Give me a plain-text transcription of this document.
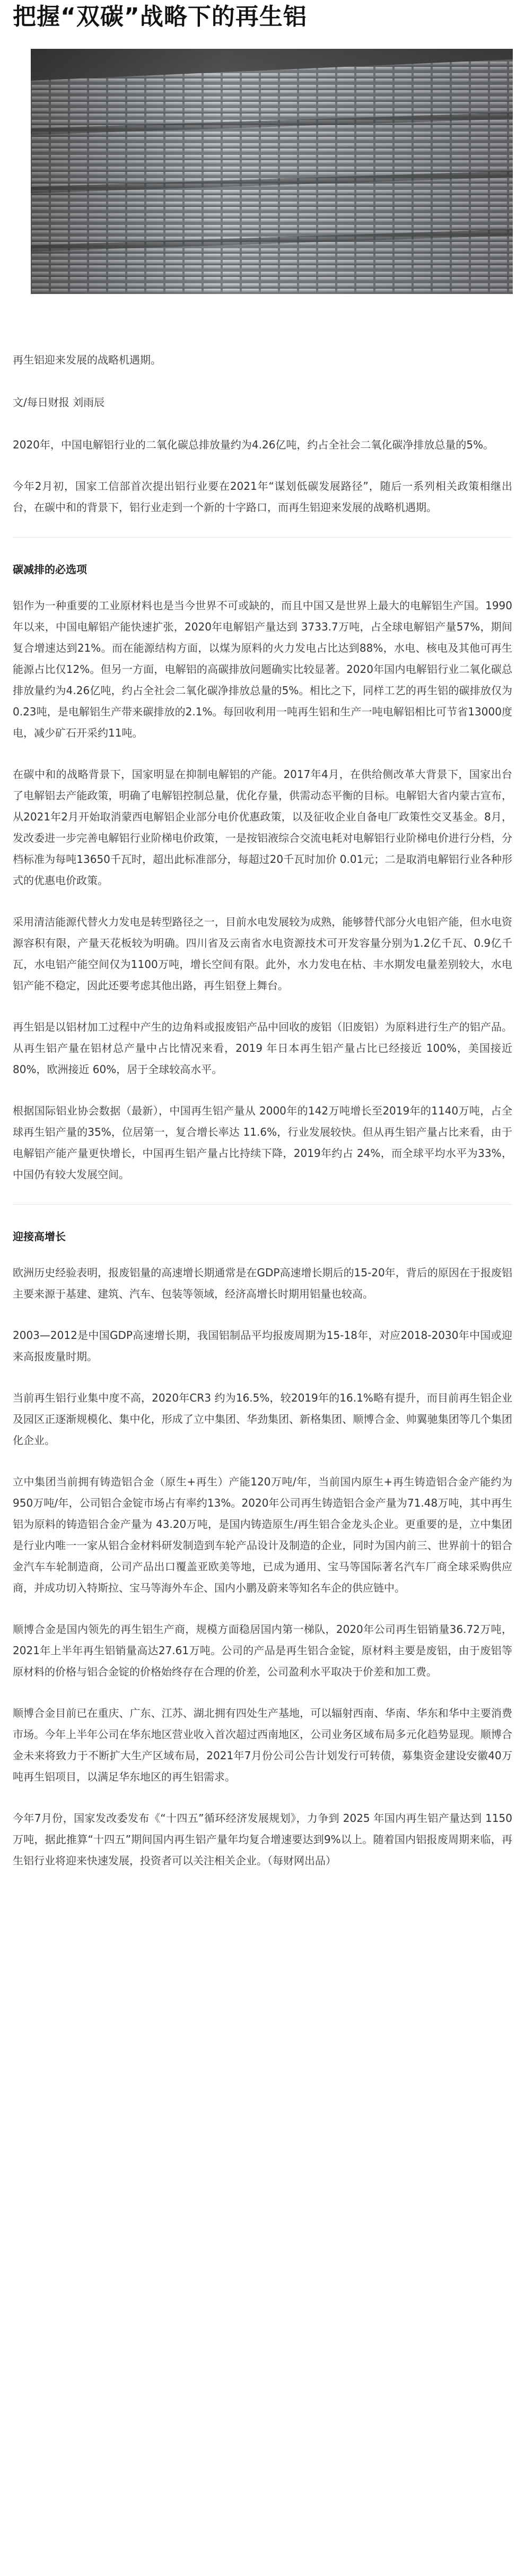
把握“双碳”战略下的再生铝

再生铝迎来发展的战略机遇期。

文/每日财报 刘雨辰

2020年，中国电解铝行业的二氧化碳总排放量约为4.26亿吨，约占全社会二氧化碳净排放总量的5%。

今年2月初，国家工信部首次提出铝行业要在2021年“谋划低碳发展路径”，随后一系列相关政策相继出台，在碳中和的背景下，铝行业走到一个新的十字路口，而再生铝迎来发展的战略机遇期。

碳减排的必选项

铝作为一种重要的工业原材料也是当今世界不可或缺的，而且中国又是世界上最大的电解铝生产国。1990年以来，中国电解铝产能快速扩张，2020年电解铝产量达到 3733.7万吨，占全球电解铝产量57%，期间复合增速达到21%。而在能源结构方面，以煤为原料的火力发电占比达到88%，水电、核电及其他可再生能源占比仅12%。但另一方面，电解铝的高碳排放问题确实比较显著。2020年国内电解铝行业二氧化碳总排放量约为4.26亿吨，约占全社会二氧化碳净排放总量的5%。相比之下，同样工艺的再生铝的碳排放仅为0.23吨，是电解铝生产带来碳排放的2.1%。每回收利用一吨再生铝和生产一吨电解铝相比可节省13000度电，减少矿石开采约11吨。

在碳中和的战略背景下，国家明显在抑制电解铝的产能。2017年4月，在供给侧改革大背景下，国家出台了电解铝去产能政策，明确了电解铝控制总量，优化存量，供需动态平衡的目标。电解铝大省内蒙古宣布，从2021年2月开始取消蒙西电解铝企业部分电价优惠政策，以及征收企业自备电厂政策性交叉基金。8月，发改委进一步完善电解铝行业阶梯电价政策，一是按铝液综合交流电耗对电解铝行业阶梯电价进行分档，分档标准为每吨13650千瓦时，超出此标准部分，每超过20千瓦时加价 0.01元；二是取消电解铝行业各种形式的优惠电价政策。

采用清洁能源代替火力发电是转型路径之一，目前水电发展较为成熟，能够替代部分火电铝产能，但水电资源容积有限，产量天花板较为明确。四川省及云南省水电资源技术可开发容量分别为1.2亿千瓦、0.9亿千瓦，水电铝产能空间仅为1100万吨，增长空间有限。此外，水力发电在枯、丰水期发电量差别较大，水电铝产能不稳定，因此还要考虑其他出路，再生铝登上舞台。

再生铝是以铝材加工过程中产生的边角料或报废铝产品中回收的废铝（旧废铝）为原料进行生产的铝产品。从再生铝产量在铝材总产量中占比情况来看，2019 年日本再生铝产量占比已经接近 100%，美国接近 80%，欧洲接近 60%，居于全球较高水平。

根据国际铝业协会数据（最新），中国再生铝产量从 2000年的142万吨增长至2019年的1140万吨，占全球再生铝产量的35%，位居第一，复合增长率达 11.6%，行业发展较快。但从再生铝产量占比来看，由于电解铝产能产量更快增长，中国再生铝产量占比持续下降，2019年约占 24%，而全球平均水平为33%，中国仍有较大发展空间。

迎接高增长

欧洲历史经验表明，报废铝量的高速增长期通常是在GDP高速增长期后的15-20年，背后的原因在于报废铝主要来源于基建、建筑、汽车、包装等领域，经济高增长时期用铝量也较高。

2003—2012是中国GDP高速增长期，我国铝制品平均报废周期为15-18年，对应2018-2030年中国或迎来高报废量时期。

当前再生铝行业集中度不高，2020年CR3 约为16.5%，较2019年的16.1%略有提升，而目前再生铝企业及园区正逐渐规模化、集中化，形成了立中集团、华劲集团、新格集团、顺博合金、帅翼驰集团等几个集团化企业。

立中集团当前拥有铸造铝合金（原生+再生）产能120万吨/年，当前国内原生+再生铸造铝合金产能约为950万吨/年，公司铝合金锭市场占有率约13%。2020年公司再生铸造铝合金产量为71.48万吨，其中再生铝为原料的铸造铝合金产量为 43.20万吨，是国内铸造原生/再生铝合金龙头企业。更重要的是，立中集团是行业内唯一一家从铝合金材料研发制造到车轮产品设计及制造的企业，同时为国内前三、世界前十的铝合金汽车车轮制造商，公司产品出口覆盖亚欧美等地，已成为通用、宝马等国际著名汽车厂商全球采购供应商，并成功切入特斯拉、宝马等海外车企、国内小鹏及蔚来等知名车企的供应链中。

顺博合金是国内领先的再生铝生产商，规模方面稳居国内第一梯队，2020年公司再生铝销量36.72万吨，2021年上半年再生铝销量高达27.61万吨。公司的产品是再生铝合金锭，原材料主要是废铝，由于废铝等原材料的价格与铝合金锭的价格始终存在合理的价差，公司盈利水平取决于价差和加工费。

顺博合金目前已在重庆、广东、江苏、湖北拥有四处生产基地，可以辐射西南、华南、华东和华中主要消费市场。今年上半年公司在华东地区营业收入首次超过西南地区，公司业务区域布局多元化趋势显现。顺博合金未来将致力于不断扩大生产区域布局，2021年7月份公司公告计划发行可转债，募集资金建设安徽40万吨再生铝项目，以满足华东地区的再生铝需求。

今年7月份，国家发改委发布《“十四五”循环经济发展规划》，力争到 2025 年国内再生铝产量达到 1150 万吨，据此推算“十四五”期间国内再生铝产量年均复合增速要达到9%以上。随着国内铝报废周期来临，再生铝行业将迎来快速发展，投资者可以关注相关企业。（每财网出品）
